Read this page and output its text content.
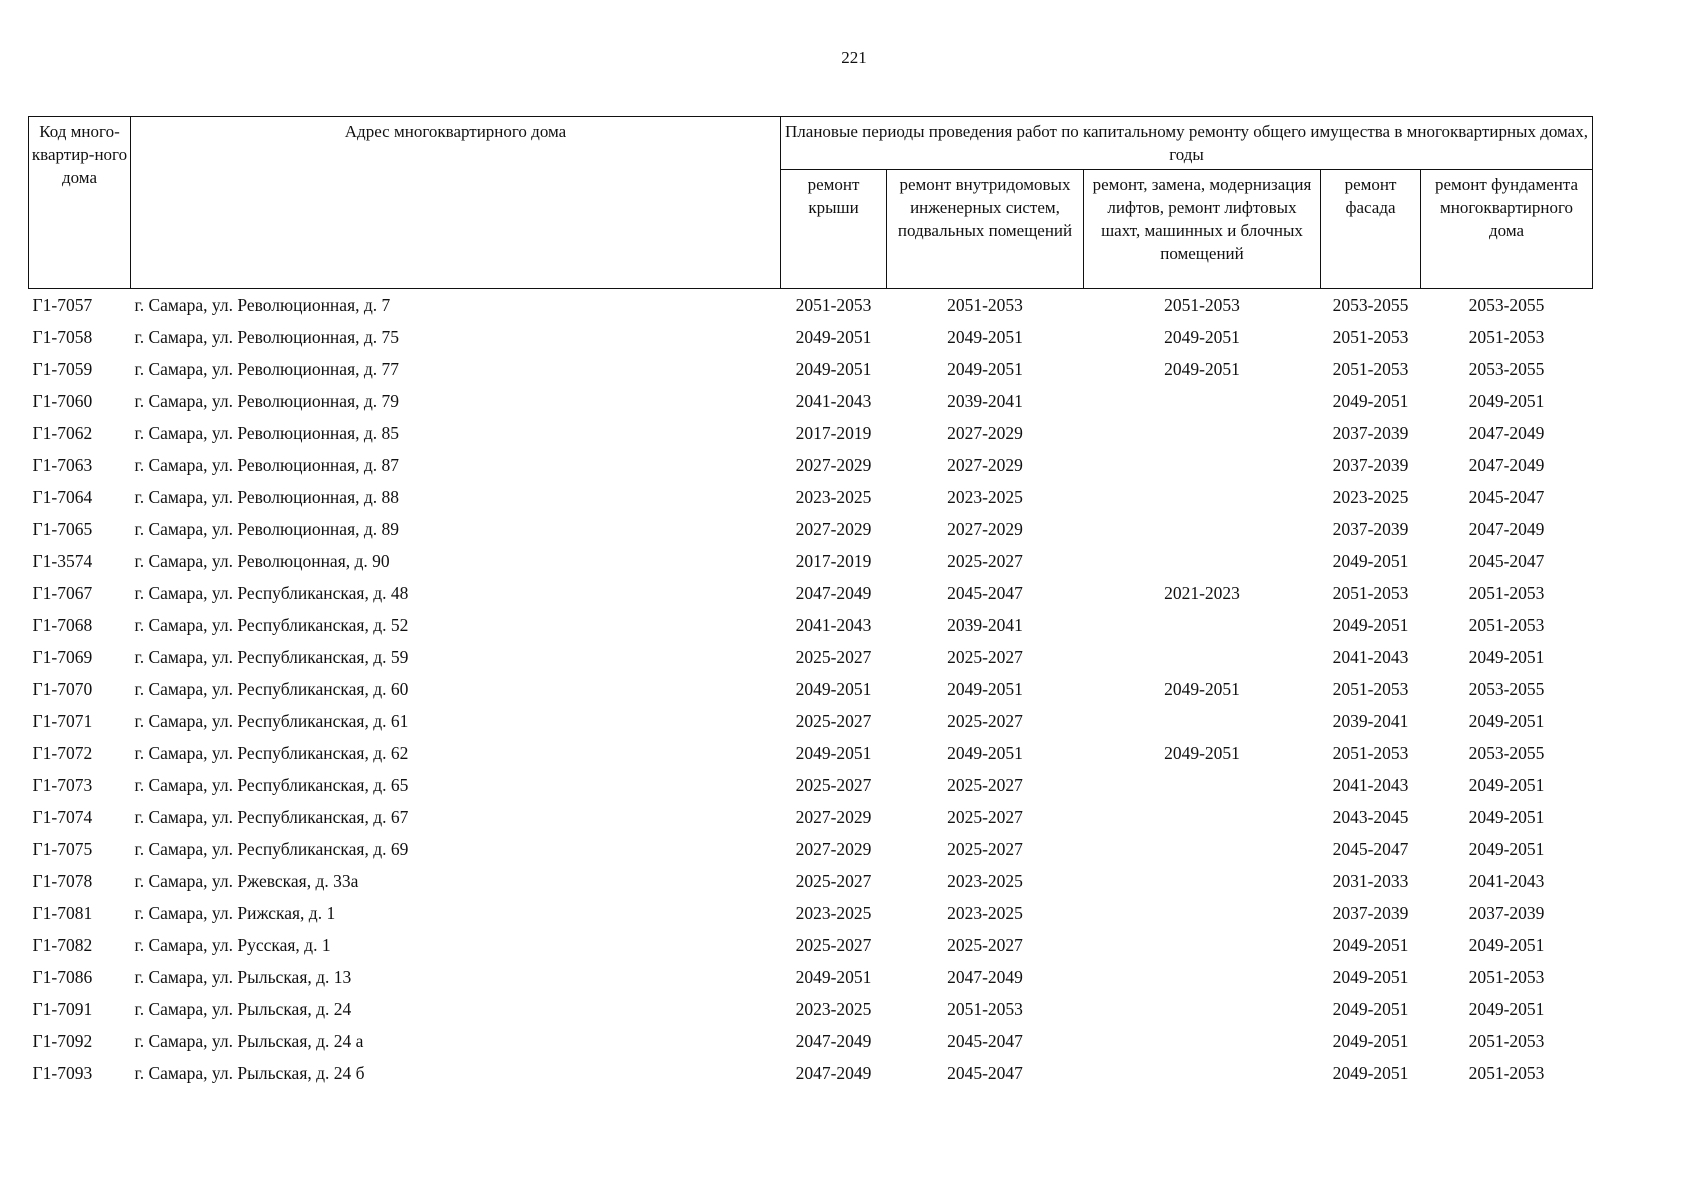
221
Код много-квартир-ного дома	Адрес многоквартирного дома	Плановые периоды проведения работ по капитальному ремонту общего имущества в многоквартирных домах, годы				
		ремонт крыши	ремонт внутридомовых инженерных систем, подвальных помещений	ремонт, замена, модернизация лифтов, ремонт лифтовых шахт, машинных и блочных помещений	ремонт фасада	ремонт фундамента многоквартирного дома
Г1-7057	г. Самара, ул. Революционная, д. 7	2051-2053	2051-2053	2051-2053	2053-2055	2053-2055
Г1-7058	г. Самара, ул. Революционная, д. 75	2049-2051	2049-2051	2049-2051	2051-2053	2051-2053
Г1-7059	г. Самара, ул. Революционная, д. 77	2049-2051	2049-2051	2049-2051	2051-2053	2053-2055
Г1-7060	г. Самара, ул. Революционная, д. 79	2041-2043	2039-2041		2049-2051	2049-2051
Г1-7062	г. Самара, ул. Революционная, д. 85	2017-2019	2027-2029		2037-2039	2047-2049
Г1-7063	г. Самара, ул. Революционная, д. 87	2027-2029	2027-2029		2037-2039	2047-2049
Г1-7064	г. Самара, ул. Революционная, д. 88	2023-2025	2023-2025		2023-2025	2045-2047
Г1-7065	г. Самара, ул. Революционная, д. 89	2027-2029	2027-2029		2037-2039	2047-2049
Г1-3574	г. Самара, ул. Революцонная, д. 90	2017-2019	2025-2027		2049-2051	2045-2047
Г1-7067	г. Самара, ул. Республиканская, д. 48	2047-2049	2045-2047	2021-2023	2051-2053	2051-2053
Г1-7068	г. Самара, ул. Республиканская, д. 52	2041-2043	2039-2041		2049-2051	2051-2053
Г1-7069	г. Самара, ул. Республиканская, д. 59	2025-2027	2025-2027		2041-2043	2049-2051
Г1-7070	г. Самара, ул. Республиканская, д. 60	2049-2051	2049-2051	2049-2051	2051-2053	2053-2055
Г1-7071	г. Самара, ул. Республиканская, д. 61	2025-2027	2025-2027		2039-2041	2049-2051
Г1-7072	г. Самара, ул. Республиканская, д. 62	2049-2051	2049-2051	2049-2051	2051-2053	2053-2055
Г1-7073	г. Самара, ул. Республиканская, д. 65	2025-2027	2025-2027		2041-2043	2049-2051
Г1-7074	г. Самара, ул. Республиканская, д. 67	2027-2029	2025-2027		2043-2045	2049-2051
Г1-7075	г. Самара, ул. Республиканская, д. 69	2027-2029	2025-2027		2045-2047	2049-2051
Г1-7078	г. Самара, ул. Ржевская, д. 33а	2025-2027	2023-2025		2031-2033	2041-2043
Г1-7081	г. Самара, ул. Рижская, д. 1	2023-2025	2023-2025		2037-2039	2037-2039
Г1-7082	г. Самара, ул. Русская, д. 1	2025-2027	2025-2027		2049-2051	2049-2051
Г1-7086	г. Самара, ул. Рыльская, д. 13	2049-2051	2047-2049		2049-2051	2051-2053
Г1-7091	г. Самара, ул. Рыльская, д. 24	2023-2025	2051-2053		2049-2051	2049-2051
Г1-7092	г. Самара, ул. Рыльская, д. 24 а	2047-2049	2045-2047		2049-2051	2051-2053
Г1-7093	г. Самара, ул. Рыльская, д. 24 б	2047-2049	2045-2047		2049-2051	2051-2053
